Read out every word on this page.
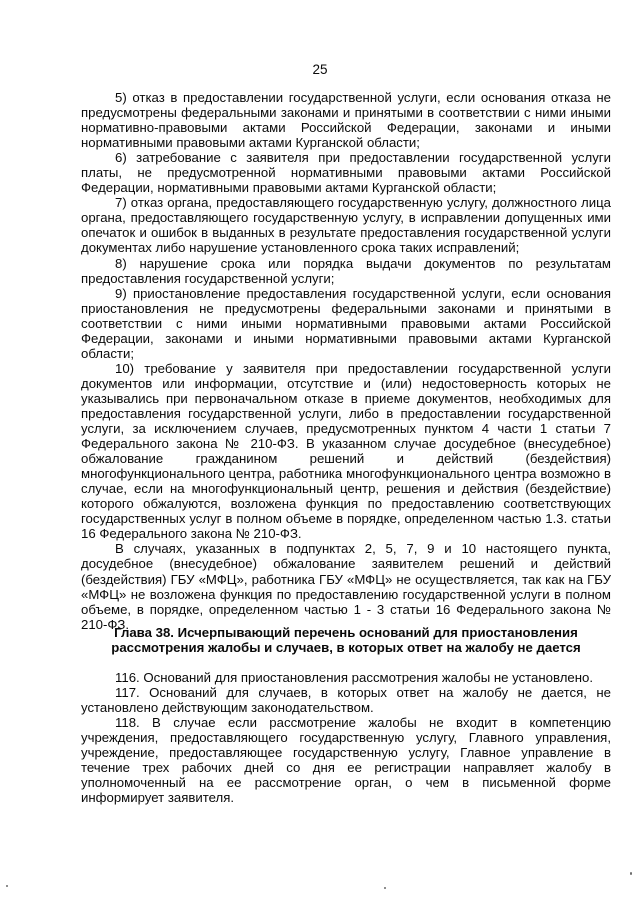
25

5) отказ в предоставлении государственной услуги, если основания отказа не предусмотрены федеральными законами и принятыми в соответствии с ними иными нормативно-правовыми актами Российской Федерации, законами и иными нормативными правовыми актами Курганской области;

6) затребование с заявителя при предоставлении государственной услуги платы, не предусмотренной нормативными правовыми актами Российской Федерации, нормативными правовыми актами Курганской области;

7) отказ органа, предоставляющего государственную услугу, должностного лица органа, предоставляющего государственную услугу, в исправлении допущенных ими опечаток и ошибок в выданных в результате предоставления государственной услуги документах либо нарушение установленного срока таких исправлений;

8) нарушение срока или порядка выдачи документов по результатам предоставления государственной услуги;

9) приостановление предоставления государственной услуги, если основания приостановления не предусмотрены федеральными законами и принятыми в соответствии с ними иными нормативными правовыми актами Российской Федерации, законами и иными нормативными правовыми актами Курганской области;

10) требование у заявителя при предоставлении государственной услуги документов или информации, отсутствие и (или) недостоверность которых не указывались при первоначальном отказе в приеме документов, необходимых для предоставления государственной услуги, либо в предоставлении государственной услуги, за исключением случаев, предусмотренных пунктом 4 части 1 статьи 7 Федерального закона № 210-ФЗ. В указанном случае досудебное (внесудебное) обжалование гражданином решений и действий (бездействия) многофункционального центра, работника многофункционального центра возможно в случае, если на многофункциональный центр, решения и действия (бездействие) которого обжалуются, возложена функция по предоставлению соответствующих государственных услуг в полном объеме в порядке, определенном частью 1.3. статьи 16 Федерального закона № 210-ФЗ.

В случаях, указанных в подпунктах 2, 5, 7, 9 и 10 настоящего пункта, досудебное (внесудебное) обжалование заявителем решений и действий (бездействия) ГБУ «МФЦ», работника ГБУ «МФЦ» не осуществляется, так как на ГБУ «МФЦ» не возложена функция по предоставлению государственной услуги в полном объеме, в порядке, определенном частью 1 - 3 статьи 16 Федерального закона № 210-ФЗ.

Глава 38. Исчерпывающий перечень оснований для приостановления рассмотрения жалобы и случаев, в которых ответ на жалобу не дается

116. Оснований для приостановления рассмотрения жалобы не установлено.

117. Оснований для случаев, в которых ответ на жалобу не дается, не установлено действующим законодательством.

118. В случае если рассмотрение жалобы не входит в компетенцию учреждения, предоставляющего государственную услугу, Главного управления, учреждение, предоставляющее государственную услугу, Главное управление в течение трех рабочих дней со дня ее регистрации направляет жалобу в уполномоченный на ее рассмотрение орган, о чем в письменной форме информирует заявителя.
